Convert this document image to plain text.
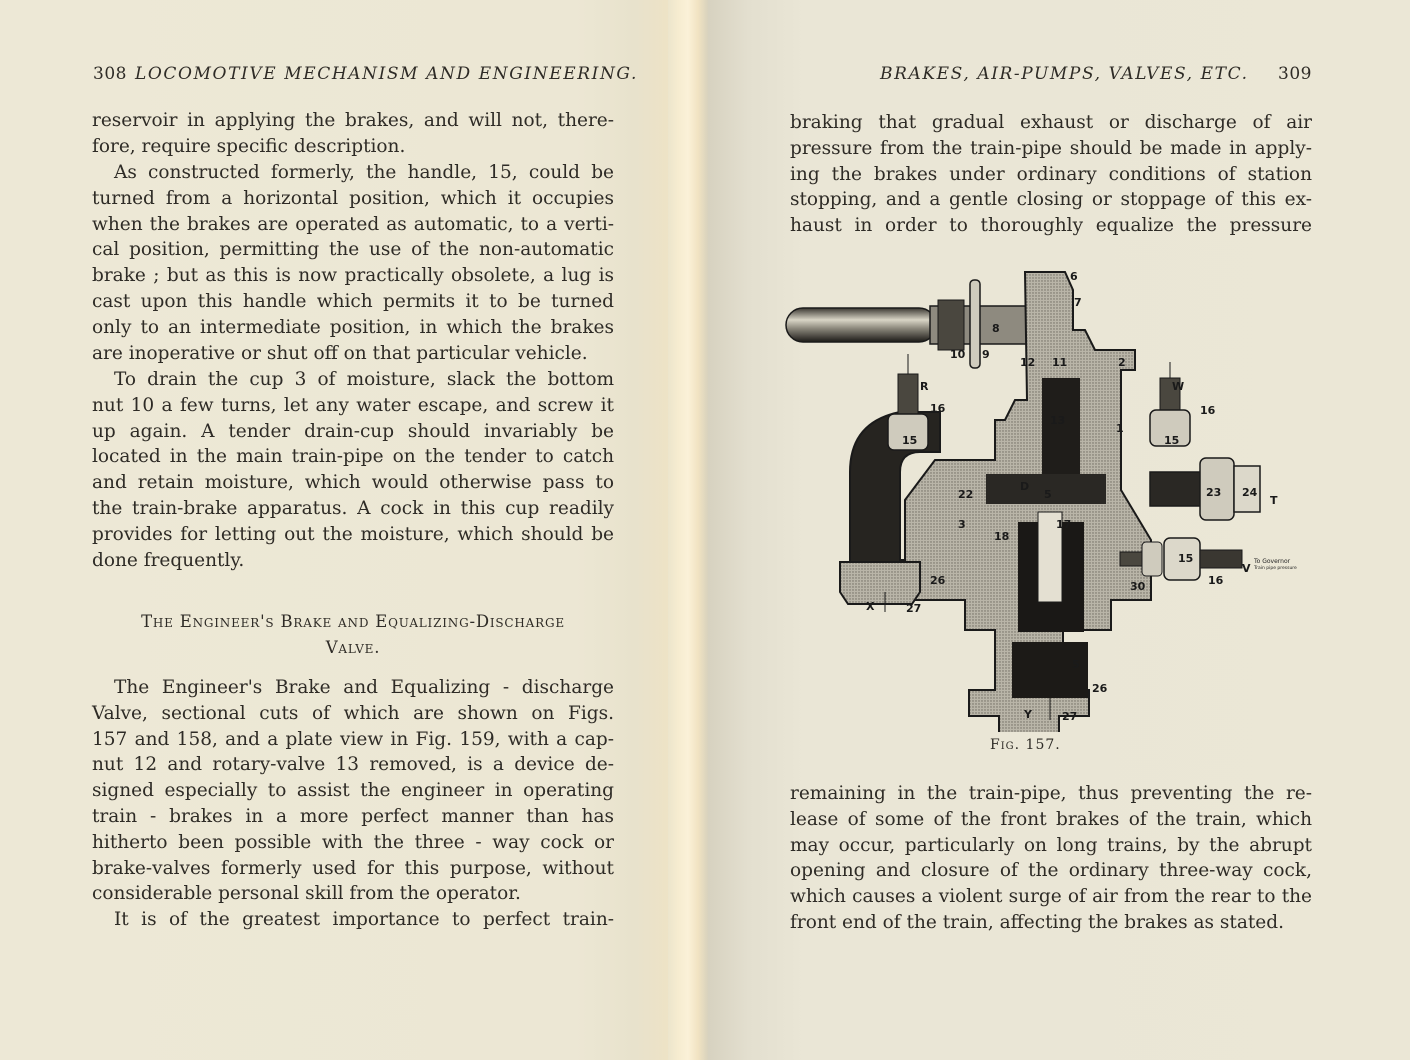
308 LOCOMOTIVE MECHANISM AND ENGINEERING.	BRAKES, AIR-PUMPS, VALVES, ETC. 309
reservoir in applying the brakes, and will not, there-
fore, require specific description.
As constructed formerly, the handle, 15, could be
turned from a horizontal position, which it occupies
when the brakes are operated as automatic, to a verti-
cal position, permitting the use of the non-automatic
brake ; but as this is now practically obsolete, a lug is
cast upon this handle which permits it to be turned
only to an intermediate position, in which the brakes
are inoperative or shut off on that particular vehicle.
To drain the cup 3 of moisture, slack the bottom
nut 10 a few turns, let any water escape, and screw it
up again. A tender drain-cup should invariably be
located in the main train-pipe on the tender to catch
and retain moisture, which would otherwise pass to
the train-brake apparatus. A cock in this cup readily
provides for letting out the moisture, which should be
done frequently.
The Engineer's Brake and Equalizing-Discharge
Valve.
The Engineer's Brake and Equalizing - discharge
Valve, sectional cuts of which are shown on Figs.
157 and 158, and a plate view in Fig. 159, with a cap-
nut 12 and rotary-valve 13 removed, is a device de-
signed especially to assist the engineer in operating
train - brakes in a more perfect manner than has
hitherto been possible with the three - way cock or
brake-valves formerly used for this purpose, without
considerable personal skill from the operator.
It is of the greatest importance to perfect train-
braking that gradual exhaust or discharge of air
pressure from the train-pipe should be made in apply-
ing the brakes under ordinary conditions of station
stopping, and a gentle closing or stoppage of this ex-
haust in order to thoroughly equalize the pressure
6
7
8
10 9
12 11	2
R
16
13
1
W
16
15	15
23 24
T
22
D
5
3	17
18
26
X	27
30
15
16
V
5
26
Y	27
To Governor
Train pipe pressure
Fig. 157.
remaining in the train-pipe, thus preventing the re-
lease of some of the front brakes of the train, which
may occur, particularly on long trains, by the abrupt
opening and closure of the ordinary three-way cock,
which causes a violent surge of air from the rear to the
front end of the train, affecting the brakes as stated.
